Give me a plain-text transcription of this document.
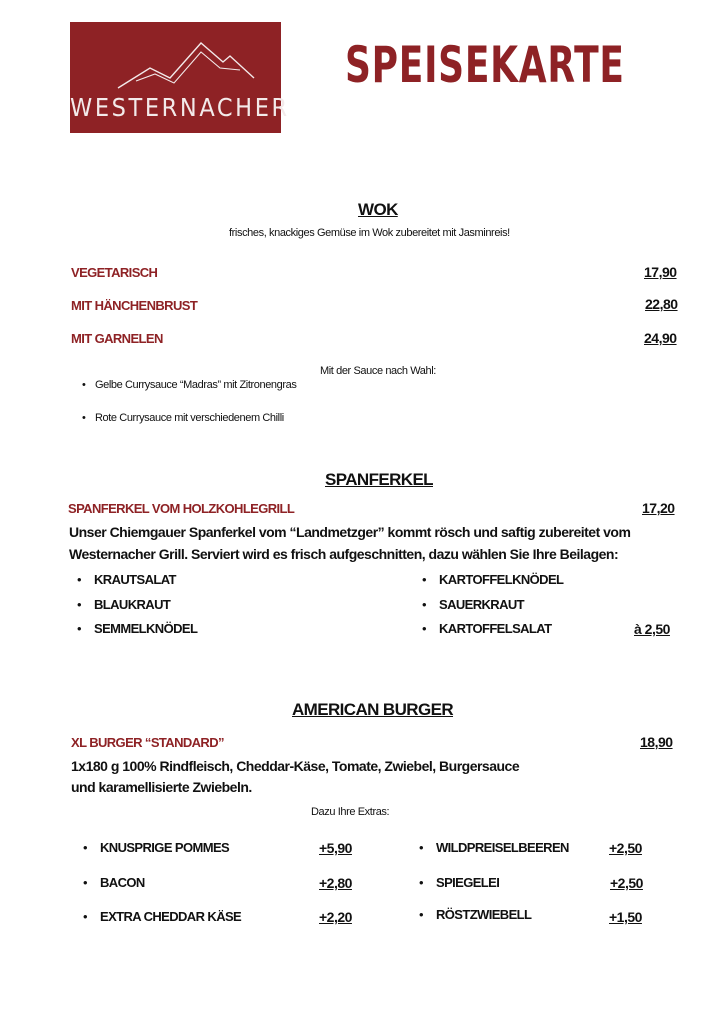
WESTERNACHER
SPEISEKARTE
WOK
frisches, knackiges Gemüse im Wok zubereitet mit Jasminreis!
VEGETARISCH	17,90
MIT HÄNCHENBRUST	22,80
MIT GARNELEN	24,90
Mit der Sauce nach Wahl:
• Gelbe Currysauce “Madras” mit Zitronengras
• Rote Currysauce mit verschiedenem Chilli
SPANFERKEL
SPANFERKEL VOM HOLZKOHLEGRILL	17,20
Unser Chiemgauer Spanferkel vom “Landmetzger” kommt rösch und saftig zubereitet vom
Westernacher Grill. Serviert wird es frisch aufgeschnitten, dazu wählen Sie Ihre Beilagen:
• KRAUTSALAT
• BLAUKRAUT
• SEMMELKNÖDEL
• KARTOFFELKNÖDEL
• SAUERKRAUT
• KARTOFFELSALAT	à 2,50
AMERICAN BURGER
XL BURGER “STANDARD”	18,90
1x180 g 100% Rindfleisch, Cheddar-Käse, Tomate, Zwiebel, Burgersauce
und karamellisierte Zwiebeln.
Dazu Ihre Extras:
• KNUSPRIGE POMMES	+5,90
• BACON	+2,80
• EXTRA CHEDDAR KÄSE	+2,20
• WILDPREISELBEEREN	+2,50
• SPIEGELEI	+2,50
• RÖSTZWIEBELL	+1,50
